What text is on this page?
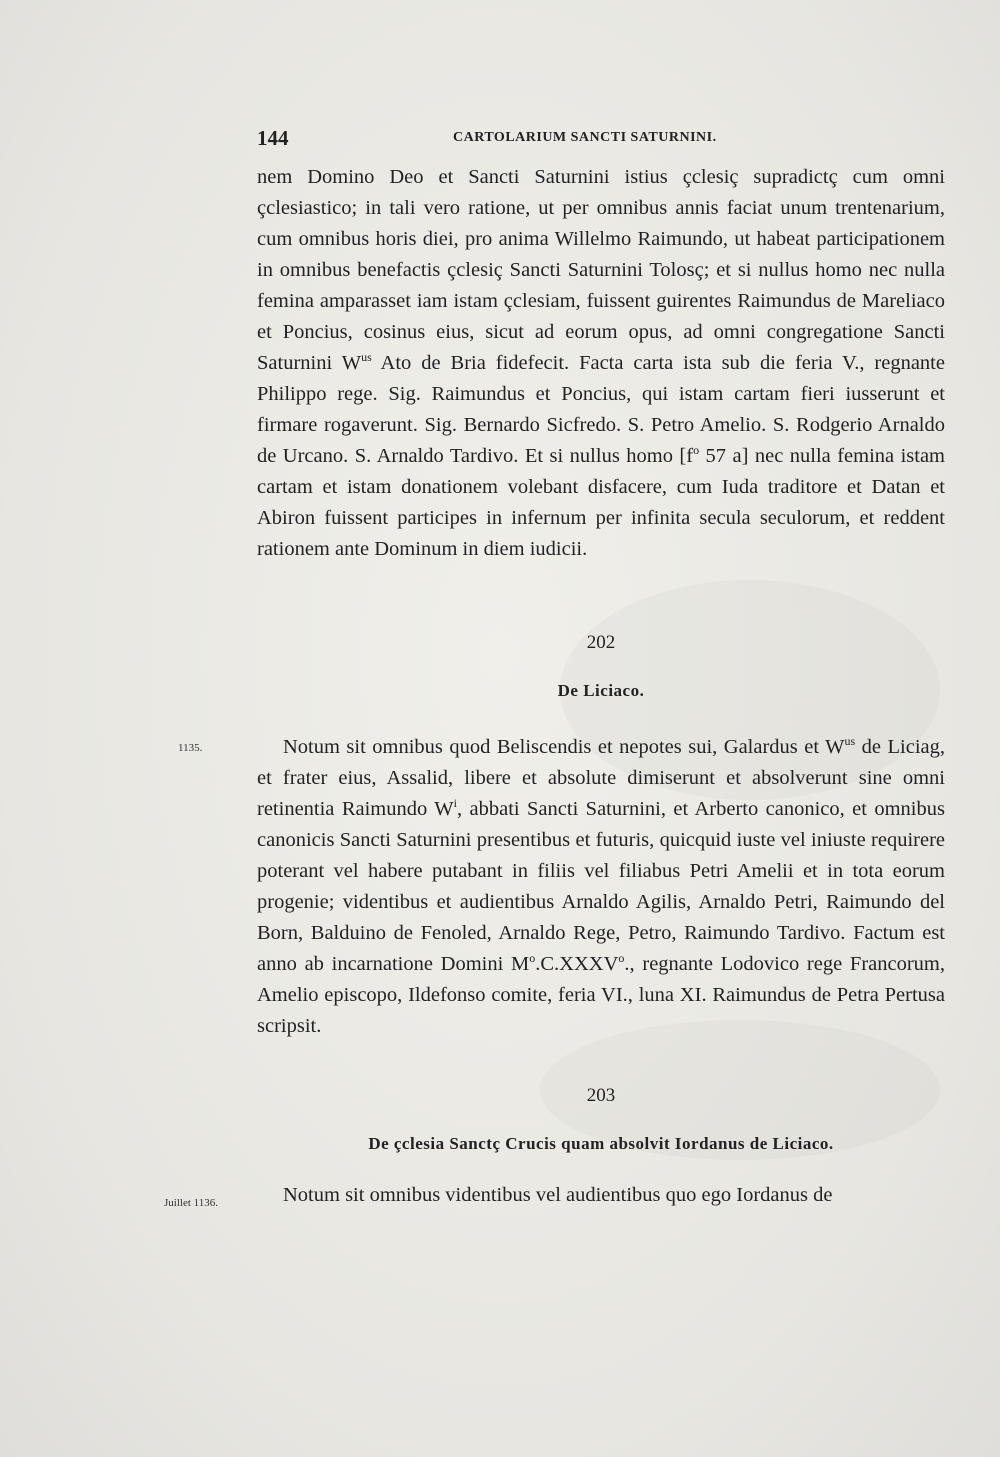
144	CARTOLARIUM SANCTI SATURNINI.

nem Domino Deo et Sancti Saturnini istius çclesiç supradictç cum omni çclesiastico; in tali vero ratione, ut per omnibus annis faciat unum trentenarium, cum omnibus horis diei, pro anima Willelmo Raimundo, ut habeat participationem in omnibus benefactis çclesiç Sancti Saturnini Tolosç; et si nullus homo nec nulla femina amparasset iam istam çclesiam, fuissent guirentes Raimundus de Mareliaco et Poncius, cosinus eius, sicut ad eorum opus, ad omni congregatione Sancti Saturnini $W^{us}$ Ato de Bria fidefecit. Facta carta ista sub die feria V., regnante Philippo rege. Sig. Raimundus et Poncius, qui istam cartam fieri iusserunt et firmare rogaverunt. Sig. Bernardo Sicfredo. S. Petro Amelio. S. Rodgerio Arnaldo de Urcano. S. Arnaldo Tardivo. Et si nullus homo [$f^o$ 57 a] nec nulla femina istam cartam et istam donationem volebant disfacere, cum Iuda traditore et Datan et Abiron fuissent participes in infernum per infinita secula seculorum, et reddent rationem ante Dominum in diem iudicii.

202
De Liciaco.
1135.	Notum sit omnibus quod Beliscendis et nepotes sui, Galardus et $W^{us}$ de Liciag, et frater eius, Assalid, libere et absolute dimiserunt et absolverunt sine omni retinentia Raimundo $W^i$, abbati Sancti Saturnini, et Arberto canonico, et omnibus canonicis Sancti Saturnini presentibus et futuris, quicquid iuste vel iniuste requirere poterant vel habere putabant in filiis vel filiabus Petri Amelii et in tota eorum progenie; videntibus et audientibus Arnaldo Agilis, Arnaldo Petri, Raimundo del Born, Balduino de Fenoled, Arnaldo Rege, Petro, Raimundo Tardivo. Factum est anno ab incarnatione Domini $M^o.C.XXXV^o$., regnante Lodovico rege Francorum, Amelio episcopo, Ildefonso comite, feria VI., luna XI. Raimundus de Petra Pertusa scripsit.

203
De çclesia Sanctç Crucis quam absolvit Iordanus de Liciaco.
Juillet 1136.	Notum sit omnibus videntibus vel audientibus quo ego Iordanus de
